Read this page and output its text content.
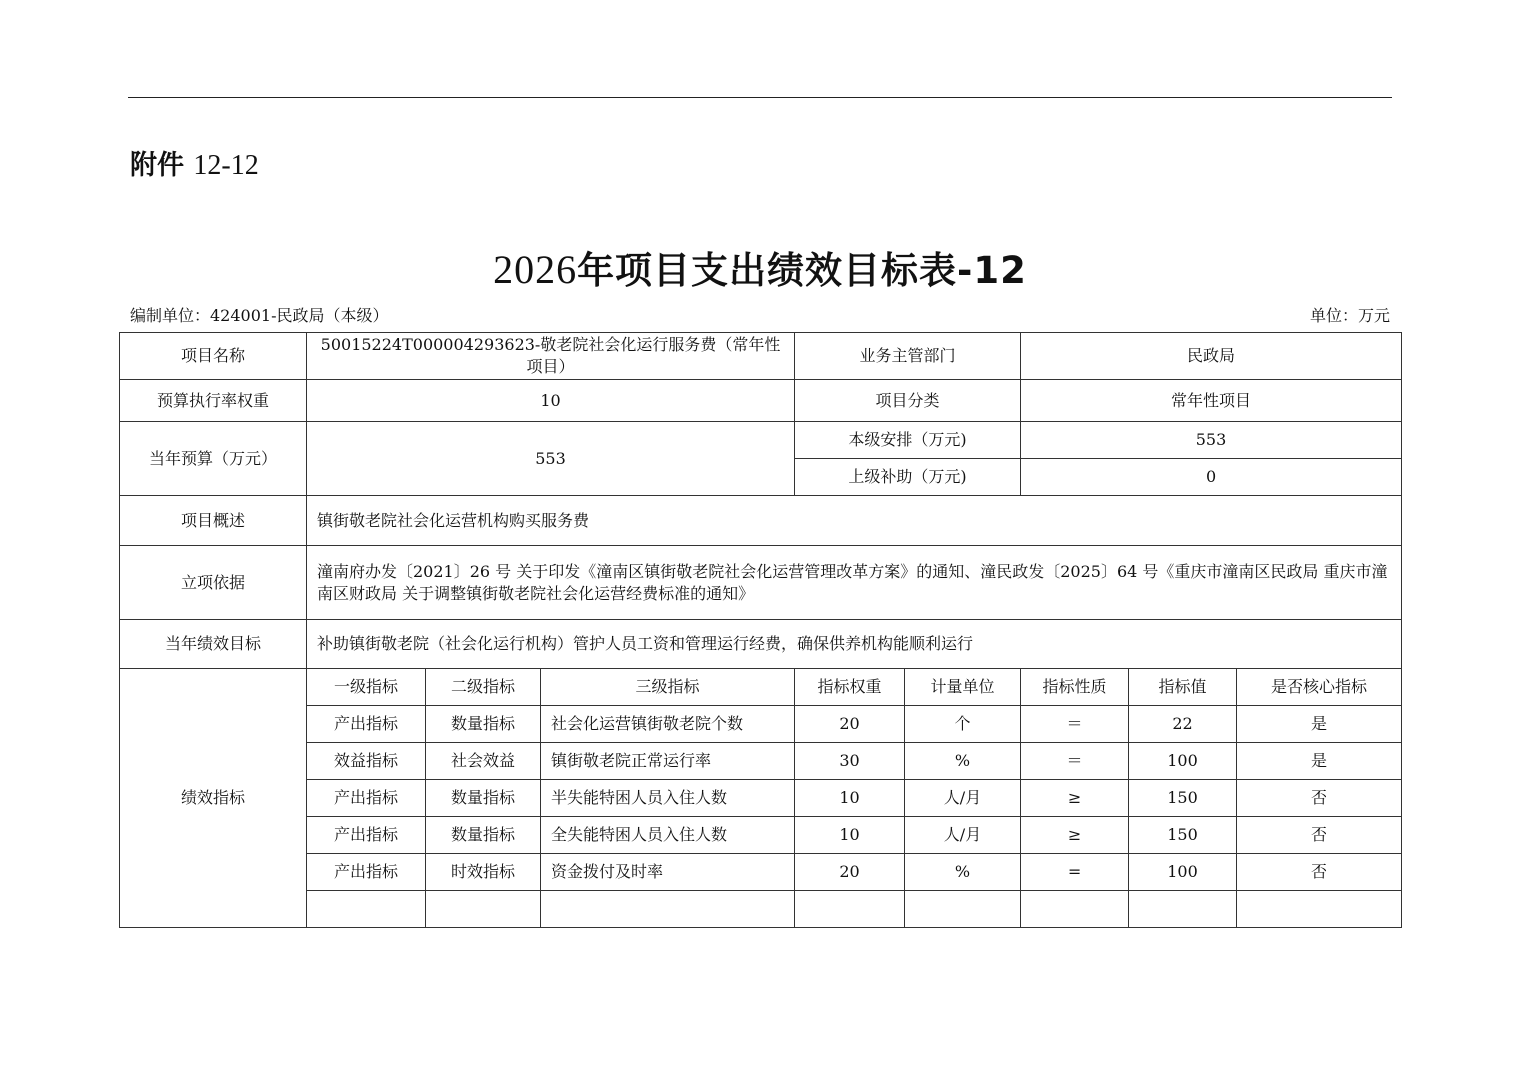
附件 12-12
2026年项目支出绩效目标表-12
编制单位：424001-民政局（本级）	单位：万元
项目名称	50015224T000004293623-敬老院社会化运行服务费（常年性项目）			业务主管部门		民政局		
预算执行率权重	10			项目分类		常年性项目		
当年预算（万元）	553			本级安排（万元)		553		
				上级补助（万元)		0		
项目概述	镇街敬老院社会化运营机构购买服务费							
立项依据	潼南府办发〔2021〕26 号 关于印发《潼南区镇街敬老院社会化运营管理改革方案》的通知、潼民政发〔2025〕64 号《重庆市潼南区民政局 重庆市潼南区财政局 关于调整镇街敬老院社会化运营经费标准的通知》							
当年绩效目标	补助镇街敬老院（社会化运行机构）管护人员工资和管理运行经费，确保供养机构能顺利运行							
绩效指标	一级指标	二级指标	三级指标	指标权重	计量单位	指标性质	指标值	是否核心指标
	产出指标	数量指标	社会化运营镇街敬老院个数	20	个	＝	22	是
	效益指标	社会效益	镇街敬老院正常运行率	30	%	＝	100	是
	产出指标	数量指标	半失能特困人员入住人数	10	人/月	≥	150	否
	产出指标	数量指标	全失能特困人员入住人数	10	人/月	≥	150	否
	产出指标	时效指标	资金拨付及时率	20	%	=	100	否
